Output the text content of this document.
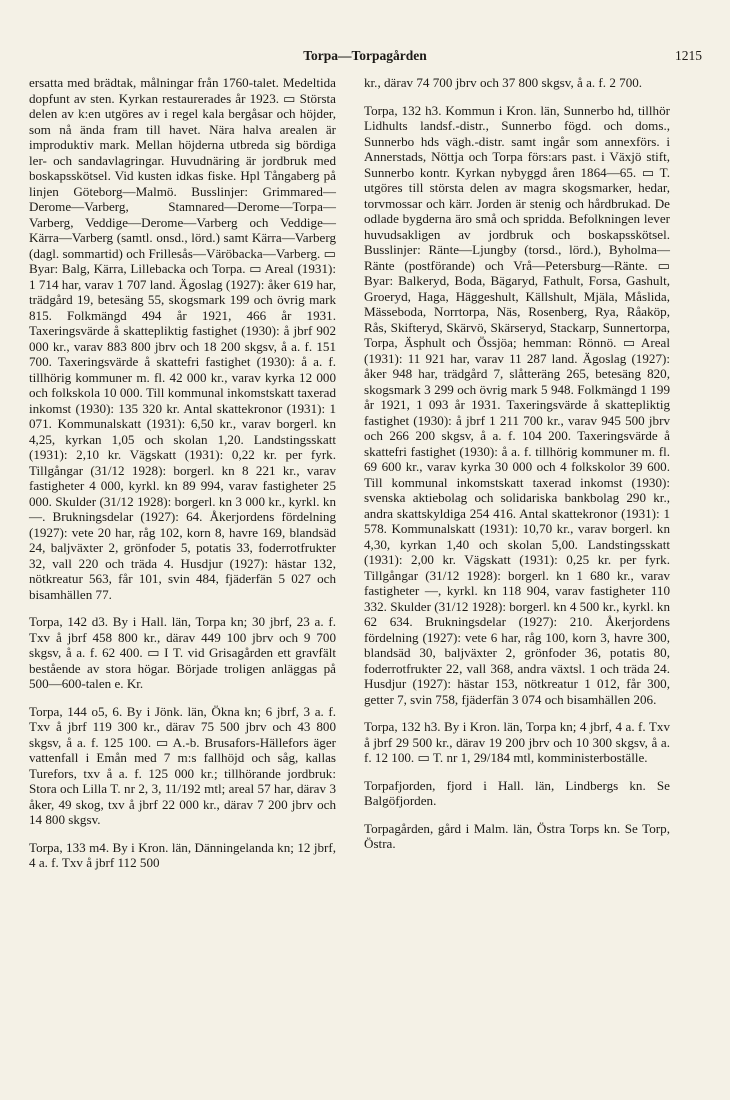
Torpa—Torpagården	1215

ersatta med brädtak, målningar från 1760-talet. Medeltida dopfunt av sten. Kyrkan restaurerades år 1923. ▭ Största delen av k:en utgöres av i regel kala bergåsar och höjder, som nå ända fram till havet. Nära halva arealen är improduktiv mark. Mellan höjderna utbreda sig bördiga ler- och sandavlagringar. Huvudnäring är jordbruk med boskapsskötsel. Vid kusten idkas fiske. Hpl Tångaberg på linjen Göteborg—Malmö. Busslinjer: Grimmared—Derome—Varberg, Stamnared—Derome—Torpa—Varberg, Veddige—Derome—Varberg och Veddige—Kärra—Varberg (samtl. onsd., lörd.) samt Kärra—Varberg (dagl. sommartid) och Frillesås—Väröbacka—Varberg. ▭ Byar: Balg, Kärra, Lillebacka och Torpa. ▭ Areal (1931): 1 714 har, varav 1 707 land. Ägoslag (1927): åker 619 har, trädgård 19, betesäng 55, skogsmark 199 och övrig mark 815. Folkmängd 494 år 1921, 466 år 1931. Taxeringsvärde å skattepliktig fastighet (1930): å jbrf 902 000 kr., varav 883 800 jbrv och 18 200 skgsv, å a. f. 151 700. Taxeringsvärde å skattefri fastighet (1930): å a. f. tillhörig kommuner m. fl. 42 000 kr., varav kyrka 12 000 och folkskola 10 000. Till kommunal inkomstskatt taxerad inkomst (1930): 135 320 kr. Antal skattekronor (1931): 1 071. Kommunalskatt (1931): 6,50 kr., varav borgerl. kn 4,25, kyrkan 1,05 och skolan 1,20. Landstingsskatt (1931): 2,10 kr. Vägskatt (1931): 0,22 kr. per fyrk. Tillgångar (31/12 1928): borgerl. kn 8 221 kr., varav fastigheter 4 000, kyrkl. kn 89 994, varav fastigheter 25 000. Skulder (31/12 1928): borgerl. kn 3 000 kr., kyrkl. kn —. Brukningsdelar (1927): 64. Åkerjordens fördelning (1927): vete 20 har, råg 102, korn 8, havre 169, blandsäd 24, baljväxter 2, grönfoder 5, potatis 33, foderrotfrukter 32, vall 220 och träda 4. Husdjur (1927): hästar 132, nötkreatur 563, får 101, svin 484, fjäderfän 5 027 och bisamhällen 77.

Torpa, 142 d3. By i Hall. län, Torpa kn; 30 jbrf, 23 a. f. Txv å jbrf 458 800 kr., därav 449 100 jbrv och 9 700 skgsv, å a. f. 62 400. ▭ I T. vid Grisagården ett gravfält bestående av stora högar. Började troligen anläggas på 500—600-talen e. Kr.

Torpa, 144 o5, 6. By i Jönk. län, Ökna kn; 6 jbrf, 3 a. f. Txv å jbrf 119 300 kr., därav 75 500 jbrv och 43 800 skgsv, å a. f. 125 100. ▭ A.-b. Brusafors-Hällefors äger vattenfall i Emån med 7 m:s fallhöjd och såg, kallas Turefors, txv å a. f. 125 000 kr.; tillhörande jordbruk: Stora och Lilla T. nr 2, 3, 11/192 mtl; areal 57 har, därav 3 åker, 49 skog, txv å jbrf 22 000 kr., därav 7 200 jbrv och 14 800 skgsv.

Torpa, 133 m4. By i Kron. län, Dänningelanda kn; 12 jbrf, 4 a. f. Txv å jbrf 112 500

kr., därav 74 700 jbrv och 37 800 skgsv, å a. f. 2 700.

Torpa, 132 h3. Kommun i Kron. län, Sunnerbo hd, tillhör Lidhults landsf.-distr., Sunnerbo fögd. och doms., Sunnerbo hds vägh.-distr. samt ingår som annexförs. i Annerstads, Nöttja och Torpa förs:ars past. i Växjö stift, Sunnerbo kontr. Kyrkan nybyggd åren 1864—65. ▭ T. utgöres till största delen av magra skogsmarker, hedar, torvmossar och kärr. Jorden är stenig och hårdbrukad. De odlade bygderna äro små och spridda. Befolkningen lever huvudsakligen av jordbruk och boskapsskötsel. Busslinjer: Ränte—Ljungby (torsd., lörd.), Byholma—Ränte (postförande) och Vrå—Petersburg—Ränte. ▭ Byar: Balkeryd, Boda, Bägaryd, Fathult, Forsa, Gashult, Groeryd, Haga, Häggeshult, Källshult, Mjäla, Måslida, Mässeboda, Norrtorpa, Näs, Rosenberg, Rya, Råaköp, Rås, Skifteryd, Skärvö, Skärseryd, Stackarp, Sunnertorpa, Torpa, Äsphult och Össjöa; hemman: Rönnö. ▭ Areal (1931): 11 921 har, varav 11 287 land. Ägoslag (1927): åker 948 har, trädgård 7, slåtteräng 265, betesäng 820, skogsmark 3 299 och övrig mark 5 948. Folkmängd 1 199 år 1921, 1 093 år 1931. Taxeringsvärde å skattepliktig fastighet (1930): å jbrf 1 211 700 kr., varav 945 500 jbrv och 266 200 skgsv, å a. f. 104 200. Taxeringsvärde å skattefri fastighet (1930): å a. f. tillhörig kommuner m. fl. 69 600 kr., varav kyrka 30 000 och 4 folkskolor 39 600. Till kommunal inkomstskatt taxerad inkomst (1930): svenska aktiebolag och solidariska bankbolag 290 kr., andra skattskyldiga 254 416. Antal skattekronor (1931): 1 578. Kommunalskatt (1931): 10,70 kr., varav borgerl. kn 4,30, kyrkan 1,40 och skolan 5,00. Landstingsskatt (1931): 2,00 kr. Vägskatt (1931): 0,25 kr. per fyrk. Tillgångar (31/12 1928): borgerl. kn 1 680 kr., varav fastigheter —, kyrkl. kn 118 904, varav fastigheter 110 332. Skulder (31/12 1928): borgerl. kn 4 500 kr., kyrkl. kn 62 634. Brukningsdelar (1927): 210. Åkerjordens fördelning (1927): vete 6 har, råg 100, korn 3, havre 300, blandsäd 30, baljväxter 2, grönfoder 36, potatis 80, foderrotfrukter 22, vall 368, andra växtsl. 1 och träda 24. Husdjur (1927): hästar 153, nötkreatur 1 012, får 300, getter 7, svin 758, fjäderfän 3 074 och bisamhällen 206.

Torpa, 132 h3. By i Kron. län, Torpa kn; 4 jbrf, 4 a. f. Txv å jbrf 29 500 kr., därav 19 200 jbrv och 10 300 skgsv, å a. f. 12 100. ▭ T. nr 1, 29/184 mtl, komministerboställe.

Torpafjorden, fjord i Hall. län, Lindbergs kn. Se Balgöfjorden.

Torpagården, gård i Malm. län, Östra Torps kn. Se Torp, Östra.
